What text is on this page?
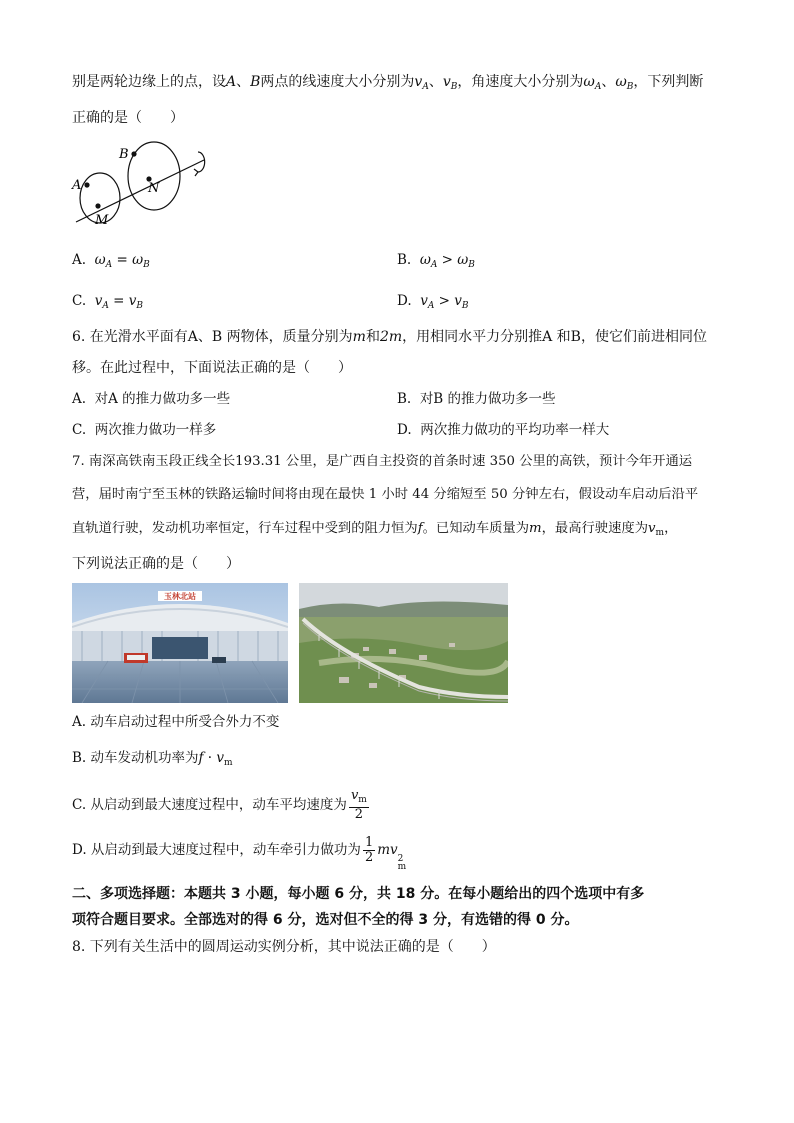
别是两轮边缘上的点，设A、B两点的线速度大小分别为$v_A$、$v_B$，角速度大小分别为$\omega_A$、$\omega_B$，下列判断
正确的是（　　）
A
B
M
N
A. $\omega_A = \omega_B$	B. $\omega_A > \omega_B$
C. $v_A = v_B$	D. $v_A > v_B$
6. 在光滑水平面有A、B 两物体，质量分别为m和2m，用相同水平力分别推A 和B，使它们前进相同位
移。在此过程中，下面说法正确的是（　　）
A. 对A 的推力做功多一些	B. 对B 的推力做功多一些
C. 两次推力做功一样多	D. 两次推力做功的平均功率一样大
7. 南深高铁南玉段正线全长193.31 公里，是广西自主投资的首条时速 350 公里的高铁，预计今年开通运
营，届时南宁至玉林的铁路运输时间将由现在最快 1 小时 44 分缩短至 50 分钟左右，假设动车启动后沿平
直轨道行驶，发动机功率恒定，行车过程中受到的阻力恒为f。已知动车质量为m，最高行驶速度为$v_m$，
下列说法正确的是（　　）
玉林北站
A. 动车启动过程中所受合外力不变
B. 动车发动机功率为$f \cdot v_m$
C. 从启动到最大速度过程中，动车平均速度为 $\frac{v_m}{2}$
D. 从启动到最大速度过程中，动车牵引力做功为 $\frac{1}{2}$ mv
2
m
二、多项选择题：本题共 3 小题，每小题 6 分，共 18 分。在每小题给出的四个选项中有多
项符合题目要求。全部选对的得 6 分，选对但不全的得 3 分，有选错的得 0 分。
8. 下列有关生活中的圆周运动实例分析，其中说法正确的是（　　）
